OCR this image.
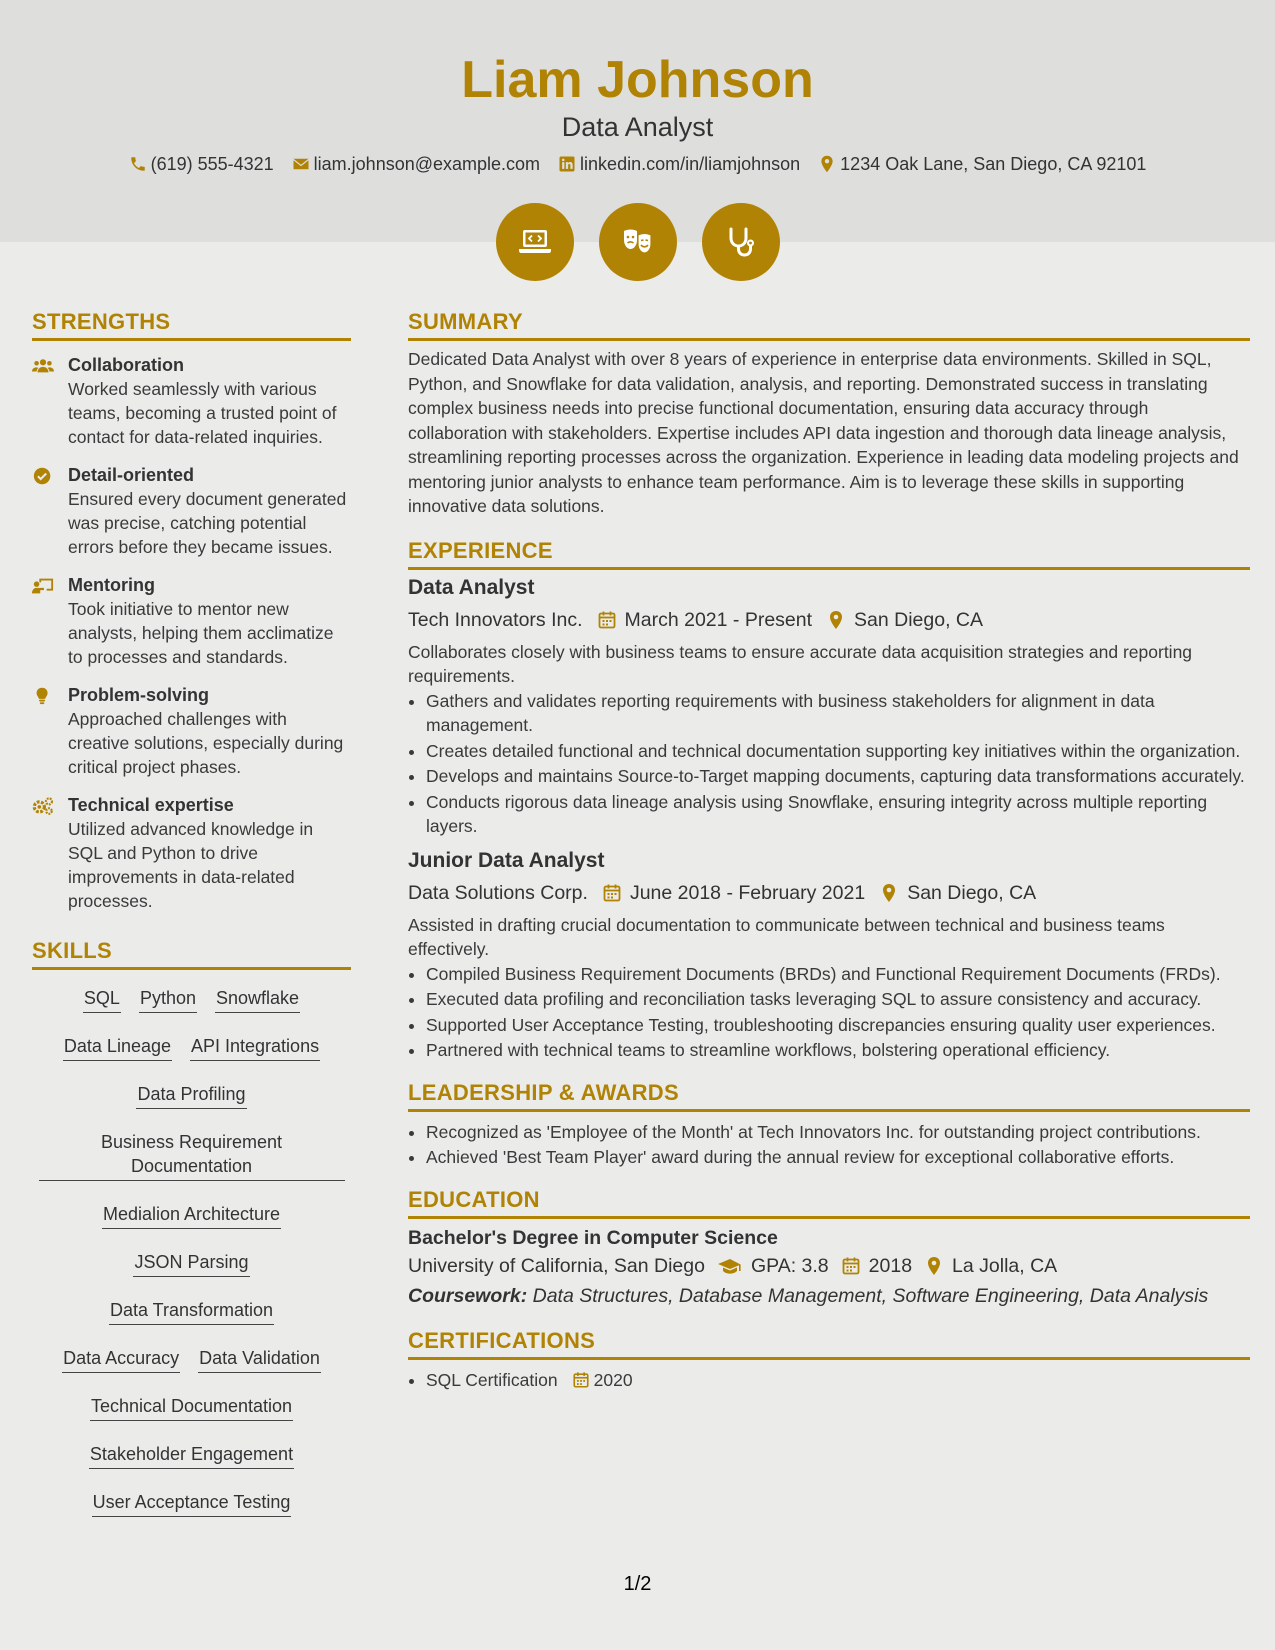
Liam Johnson
Data Analyst
(619) 555-4321 liam.johnson@example.com linkedin.com/in/liamjohnson 1234 Oak Lane, San Diego, CA 92101
STRENGTHS
Collaboration
Worked seamlessly with various teams, becoming a trusted point of contact for data-related inquiries.
Detail-oriented
Ensured every document generated was precise, catching potential errors before they became issues.
Mentoring
Took initiative to mentor new analysts, helping them acclimatize to processes and standards.
Problem-solving
Approached challenges with creative solutions, especially during critical project phases.
Technical expertise
Utilized advanced knowledge in SQL and Python to drive improvements in data-related processes.
SKILLS
SQL Python Snowflake
Data Lineage API Integrations
Data Profiling
Business Requirement Documentation
Medialion Architecture
JSON Parsing
Data Transformation
Data Accuracy Data Validation
Technical Documentation
Stakeholder Engagement
User Acceptance Testing
SUMMARY
Dedicated Data Analyst with over 8 years of experience in enterprise data environments. Skilled in SQL, Python, and Snowflake for data validation, analysis, and reporting. Demonstrated success in translating complex business needs into precise functional documentation, ensuring data accuracy through collaboration with stakeholders. Expertise includes API data ingestion and thorough data lineage analysis, streamlining reporting processes across the organization. Experience in leading data modeling projects and mentoring junior analysts to enhance team performance. Aim is to leverage these skills in supporting innovative data solutions.
EXPERIENCE
Data Analyst
Tech Innovators Inc. March 2021 - Present San Diego, CA
Collaborates closely with business teams to ensure accurate data acquisition strategies and reporting requirements.
• Gathers and validates reporting requirements with business stakeholders for alignment in data management.
• Creates detailed functional and technical documentation supporting key initiatives within the organization.
• Develops and maintains Source-to-Target mapping documents, capturing data transformations accurately.
• Conducts rigorous data lineage analysis using Snowflake, ensuring integrity across multiple reporting layers.
Junior Data Analyst
Data Solutions Corp. June 2018 - February 2021 San Diego, CA
Assisted in drafting crucial documentation to communicate between technical and business teams effectively.
• Compiled Business Requirement Documents (BRDs) and Functional Requirement Documents (FRDs).
• Executed data profiling and reconciliation tasks leveraging SQL to assure consistency and accuracy.
• Supported User Acceptance Testing, troubleshooting discrepancies ensuring quality user experiences.
• Partnered with technical teams to streamline workflows, bolstering operational efficiency.
LEADERSHIP & AWARDS
• Recognized as 'Employee of the Month' at Tech Innovators Inc. for outstanding project contributions.
• Achieved 'Best Team Player' award during the annual review for exceptional collaborative efforts.
EDUCATION
Bachelor's Degree in Computer Science
University of California, San Diego GPA: 3.8 2018 La Jolla, CA
Coursework: Data Structures, Database Management, Software Engineering, Data Analysis
CERTIFICATIONS
• SQL Certification 2020
1/2
